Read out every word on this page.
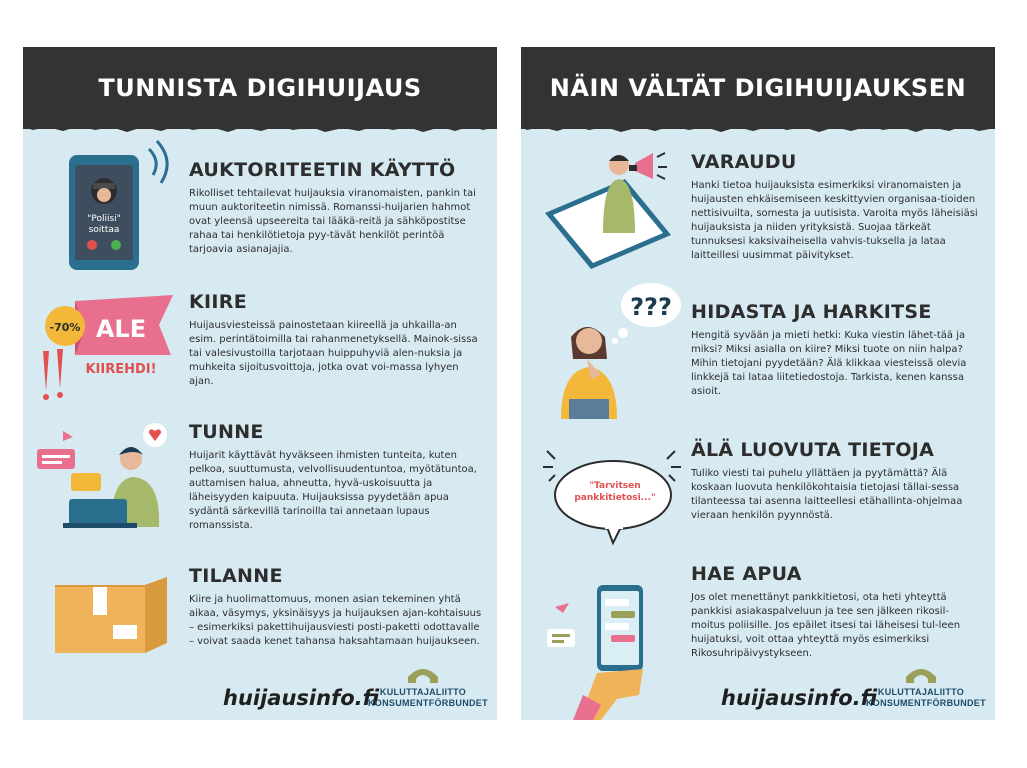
TUNNISTA DIGIHUIJAUS
"Poliisi"
soittaa
AUKTORITEETIN KÄYTTÖ

Rikolliset tehtailevat huijauksia viranomaisten, pankin tai muun auktoriteetin nimissä. Romanssi-huijarien hahmot ovat yleensä upseereita tai lääkä-reitä ja sähköpostitse rahaa tai henkilötietoja pyy-tävät henkilöt perintöä tarjoavia asianajajia.

ALE
-70%
KIIREHDI!
KIIRE

Huijausviesteissä painostetaan kiireellä ja uhkailla-an esim. perintätoimilla tai rahanmenetyksellä. Mainok-sissa tai valesivustoilla tarjotaan huippuhyviä alen-nuksia ja muhkeita sijoitusvoittoja, jotka ovat voi-massa lyhyen ajan.

TUNNE

Huijarit käyttävät hyväkseen ihmisten tunteita, kuten pelkoa, suuttumusta, velvollisuudentuntoa, myötätuntoa, auttamisen halua, ahneutta, hyvä-uskoisuutta ja läheisyyden kaipuuta. Huijauksissa pyydetään apua sydäntä särkevillä tarinoilla tai annetaan lupaus romanssista.

TILANNE

Kiire ja huolimattomuus, monen asian tekeminen yhtä aikaa, väsymys, yksinäisyys ja huijauksen ajan-kohtaisuus – esimerkiksi pakettihuijausviesti posti-paketti odottavalle – voivat saada kenet tahansa haksahtamaan huijaukseen.

huijausinfo.fi KULUTTAJALIITTO
KONSUMENTFÖRBUNDET
NÄIN VÄLTÄT DIGIHUIJAUKSEN
VARAUDU

Hanki tietoa huijauksista esimerkiksi viranomaisten ja huijausten ehkäisemiseen keskittyvien organisaa-tioiden nettisivuilta, somesta ja uutisista. Varoita myös läheisiäsi huijauksista ja niiden yrityksistä. Suojaa tärkeät tunnuksesi kaksivaiheisella vahvis-tuksella ja lataa laitteillesi uusimmat päivitykset.

??? HIDASTA JA HARKITSE

Hengitä syvään ja mieti hetki: Kuka viestin lähet-tää ja miksi? Miksi asialla on kiire? Miksi tuote on niin halpa? Mihin tietojani pyydetään? Älä klikkaa viesteissä olevia linkkejä tai lataa liitetiedostoja. Tarkista, kenen kanssa asioit.

"Tarvitsen pankkitietosi..."
ÄLÄ LUOVUTA TIETOJA

Tuliko viesti tai puhelu yllättäen ja pyytämättä? Älä koskaan luovuta henkilökohtaisia tietojasi tällai-sessa tilanteessa tai asenna laitteellesi etähallinta-ohjelmaa vieraan henkilön pyynnöstä.

HAE APUA

Jos olet menettänyt pankkitietosi, ota heti yhteyttä pankkisi asiakaspalveluun ja tee sen jälkeen rikosil-moitus poliisille. Jos epäilet itsesi tai läheisesi tul-leen huijatuksi, voit ottaa yhteyttä myös esimerkiksi Rikosuhripäivystykseen.

huijausinfo.fi KULUTTAJALIITTO
KONSUMENTFÖRBUNDET
